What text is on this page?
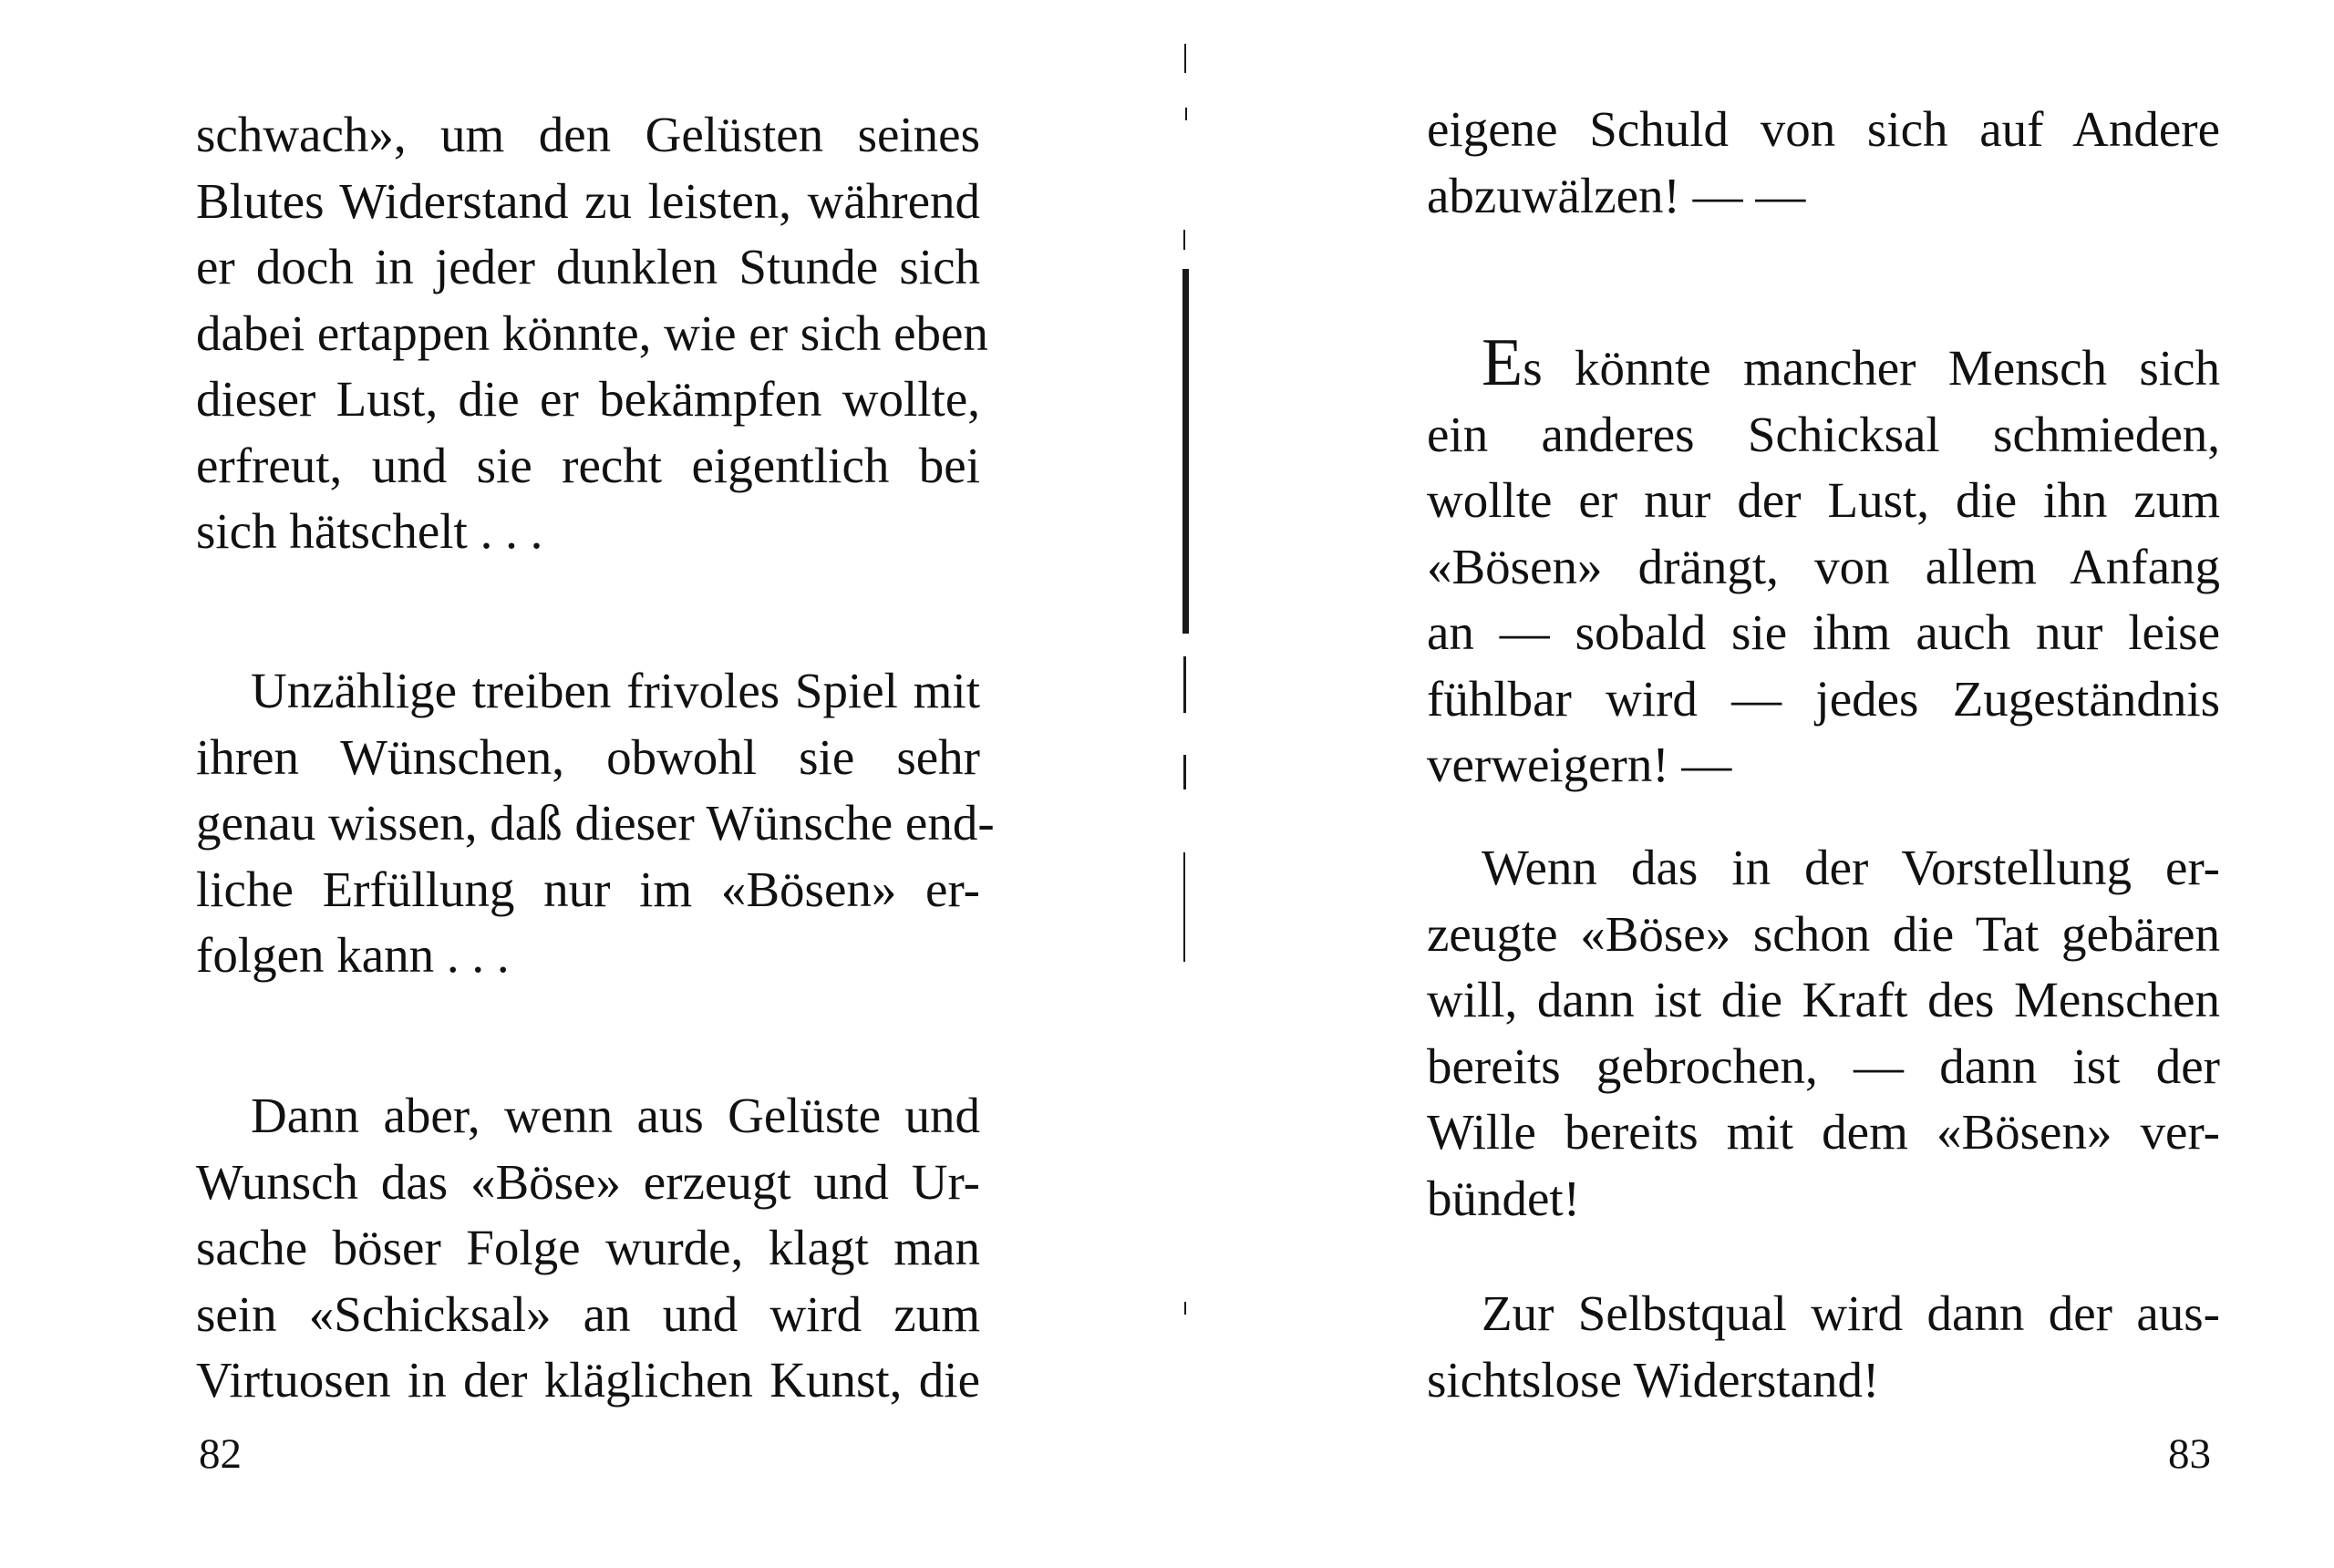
schwach», um den Gelüsten seines
Blutes Widerstand zu leisten, während
er doch in jeder dunklen Stunde sich
dabei ertappen könnte, wie er sich eben
dieser Lust, die er bekämpfen wollte,
erfreut, und sie recht eigentlich bei
sich hätschelt . . .

Unzählige treiben frivoles Spiel mit
ihren Wünschen, obwohl sie sehr
genau wissen, daß dieser Wünsche end-
liche Erfüllung nur im «Bösen» er-
folgen kann . . .

Dann aber, wenn aus Gelüste und
Wunsch das «Böse» erzeugt und Ur-
sache böser Folge wurde, klagt man
sein «Schicksal» an und wird zum
Virtuosen in der kläglichen Kunst, die

82

eigene Schuld von sich auf Andere
abzuwälzen! — —

Es könnte mancher Mensch sich
ein anderes Schicksal schmieden,
wollte er nur der Lust, die ihn zum
«Bösen» drängt, von allem Anfang
an — sobald sie ihm auch nur leise
fühlbar wird — jedes Zugeständnis
verweigern! —

Wenn das in der Vorstellung er-
zeugte «Böse» schon die Tat gebären
will, dann ist die Kraft des Menschen
bereits gebrochen, — dann ist der
Wille bereits mit dem «Bösen» ver-
bündet!

Zur Selbstqual wird dann der aus-
sichtslose Widerstand!

83
